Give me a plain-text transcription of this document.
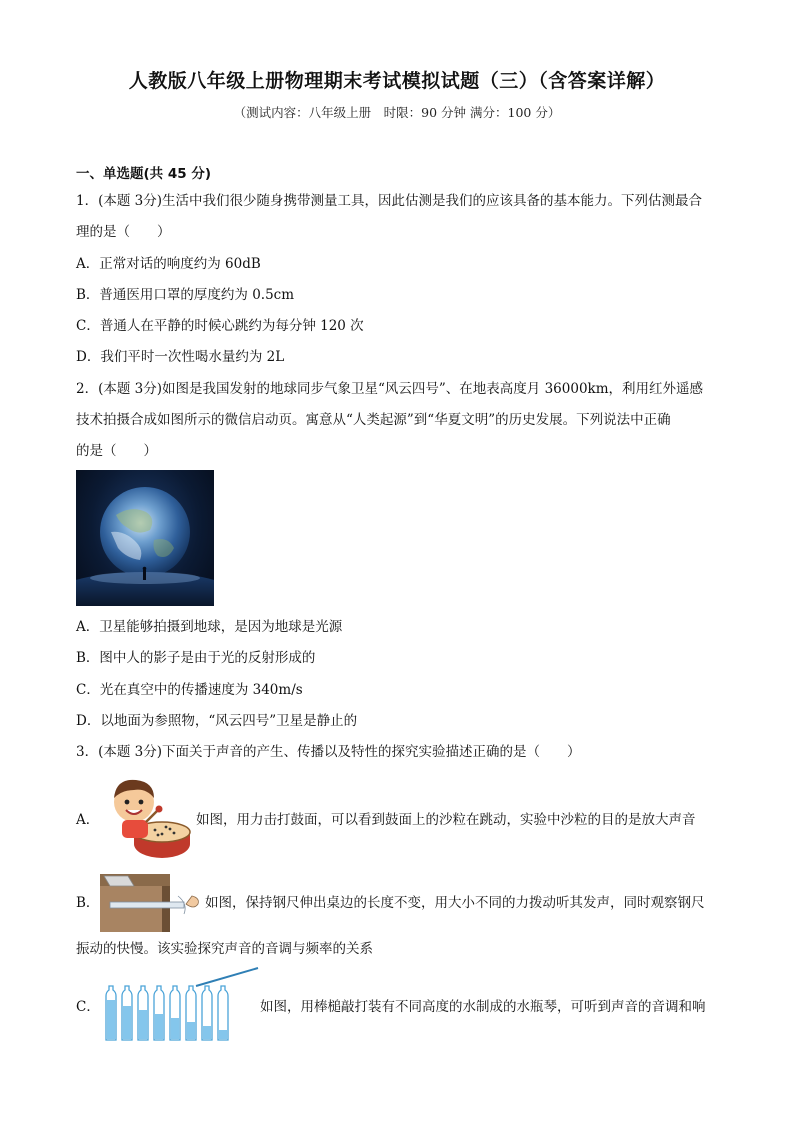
人教版八年级上册物理期末考试模拟试题（三）（含答案详解）
（测试内容：八年级上册　时限：90 分钟 满分：100 分）
一、单选题(共 45 分)
1．(本题 3分)生活中我们很少随身携带测量工具，因此估测是我们的应该具备的基本能力。下列估测最合
理的是（　　）
A．正常对话的响度约为 60dB
B．普通医用口罩的厚度约为 0.5cm
C．普通人在平静的时候心跳约为每分钟 120 次
D．我们平时一次性喝水量约为 2L
2．(本题 3分)如图是我国发射的地球同步气象卫星“风云四号”、在地表高度月 36000km，利用红外遥感
技术拍摄合成如图所示的微信启动页。寓意从“人类起源”到“华夏文明”的历史发展。下列说法中正确
的是（　　）
A．卫星能够拍摄到地球，是因为地球是光源
B．图中人的影子是由于光的反射形成的
C．光在真空中的传播速度为 340m/s
D．以地面为参照物，“风云四号”卫星是静止的
3．(本题 3分)下面关于声音的产生、传播以及特性的探究实验描述正确的是（　　）
A．	如图，用力击打鼓面，可以看到鼓面上的沙粒在跳动，实验中沙粒的目的是放大声音
B．	如图，保持钢尺伸出桌边的长度不变，用大小不同的力拨动听其发声，同时观察钢尺
振动的快慢。该实验探究声音的音调与频率的关系
C．	如图，用棒槌敲打装有不同高度的水制成的水瓶琴，可听到声音的音调和响
